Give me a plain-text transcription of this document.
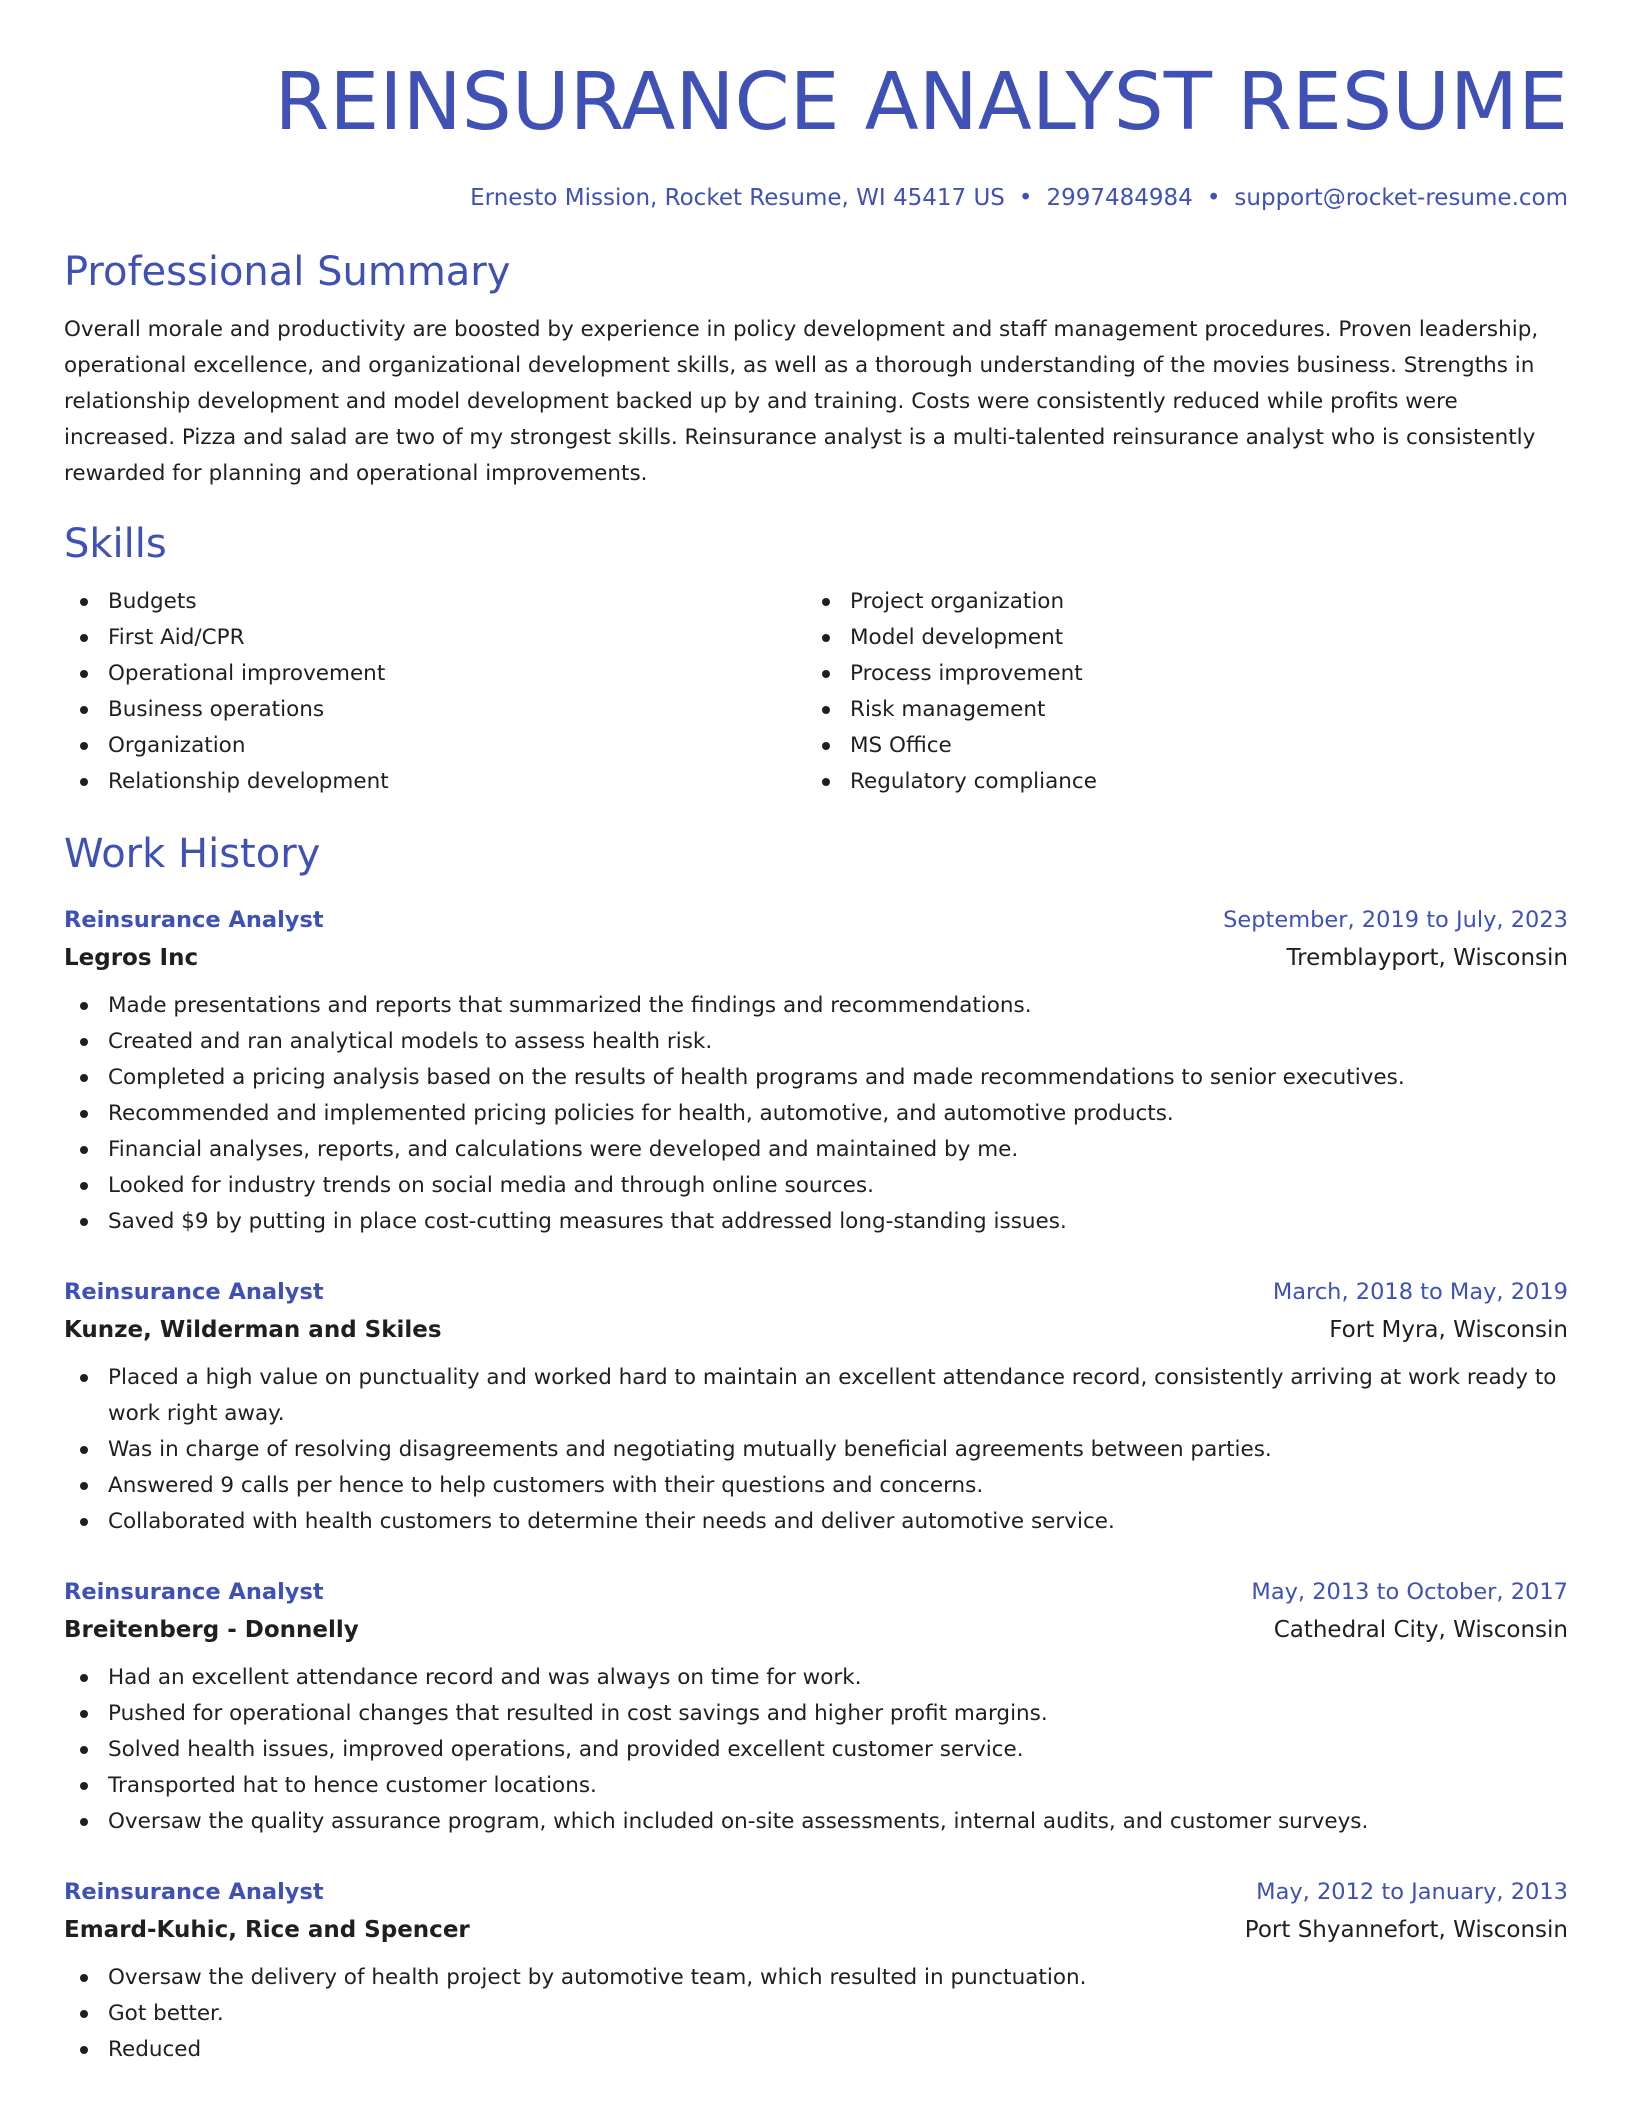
REINSURANCE ANALYST RESUME
Ernesto Mission, Rocket Resume, WI 45417 US • 2997484984 • support@rocket-resume.com
Professional Summary

Overall morale and productivity are boosted by experience in policy development and staff management procedures. Proven leadership, operational excellence, and organizational development skills, as well as a thorough understanding of the movies business. Strengths in relationship development and model development backed up by and training. Costs were consistently reduced while profits were increased. Pizza and salad are two of my strongest skills. Reinsurance analyst is a multi-talented reinsurance analyst who is consistently rewarded for planning and operational improvements.

Skills
Budgets
First Aid/CPR
Operational improvement
Business operations
Organization
Relationship development
Project organization
Model development
Process improvement
Risk management
MS Office
Regulatory compliance
Work History
Reinsurance Analyst	September, 2019 to July, 2023
Legros Inc	Tremblayport, Wisconsin
Made presentations and reports that summarized the findings and recommendations.
Created and ran analytical models to assess health risk.
Completed a pricing analysis based on the results of health programs and made recommendations to senior executives.
Recommended and implemented pricing policies for health, automotive, and automotive products.
Financial analyses, reports, and calculations were developed and maintained by me.
Looked for industry trends on social media and through online sources.
Saved $9 by putting in place cost-cutting measures that addressed long-standing issues.
Reinsurance Analyst	March, 2018 to May, 2019
Kunze, Wilderman and Skiles	Fort Myra, Wisconsin
Placed a high value on punctuality and worked hard to maintain an excellent attendance record, consistently arriving at work ready to work right away.
Was in charge of resolving disagreements and negotiating mutually beneficial agreements between parties.
Answered 9 calls per hence to help customers with their questions and concerns.
Collaborated with health customers to determine their needs and deliver automotive service.
Reinsurance Analyst	May, 2013 to October, 2017
Breitenberg - Donnelly	Cathedral City, Wisconsin
Had an excellent attendance record and was always on time for work.
Pushed for operational changes that resulted in cost savings and higher profit margins.
Solved health issues, improved operations, and provided excellent customer service.
Transported hat to hence customer locations.
Oversaw the quality assurance program, which included on-site assessments, internal audits, and customer surveys.
Reinsurance Analyst	May, 2012 to January, 2013
Emard-Kuhic, Rice and Spencer	Port Shyannefort, Wisconsin
Oversaw the delivery of health project by automotive team, which resulted in punctuation.
Got better.
Reduced
